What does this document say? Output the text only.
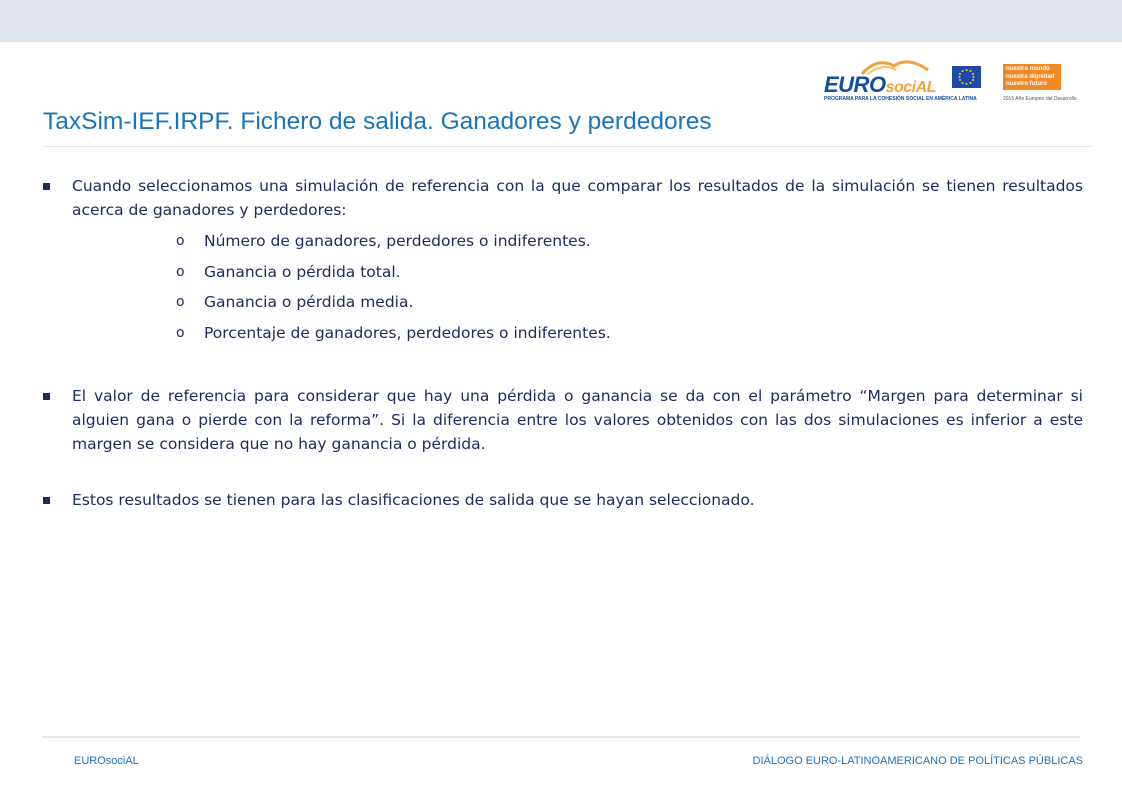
EUROsociAL
PROGRAMA PARA LA COHESIÓN SOCIAL EN AMÉRICA LATINA
nuestro mundo
nuestra dignidad
nuestro futuro
2015 Año Europeo del Desarrollo
TaxSim-IEF.IRPF. Fichero de salida. Ganadores y perdedores
Cuando seleccionamos una simulación de referencia con la que comparar los resultados de la simulación se tienen resultados acerca de ganadores y perdedores:
o Número de ganadores, perdedores o indiferentes.
o Ganancia o pérdida total.
o Ganancia o pérdida media.
o Porcentaje de ganadores, perdedores o indiferentes.
El valor de referencia para considerar que hay una pérdida o ganancia se da con el parámetro “Margen para determinar si alguien gana o pierde con la reforma”. Si la diferencia entre los valores obtenidos con las dos simulaciones es inferior a este margen se considera que no hay ganancia o pérdida.
Estos resultados se tienen para las clasificaciones de salida que se hayan seleccionado.
EUROsociAL	DIÁLOGO EURO-LATINOAMERICANO DE POLÍTICAS PÚBLICAS
